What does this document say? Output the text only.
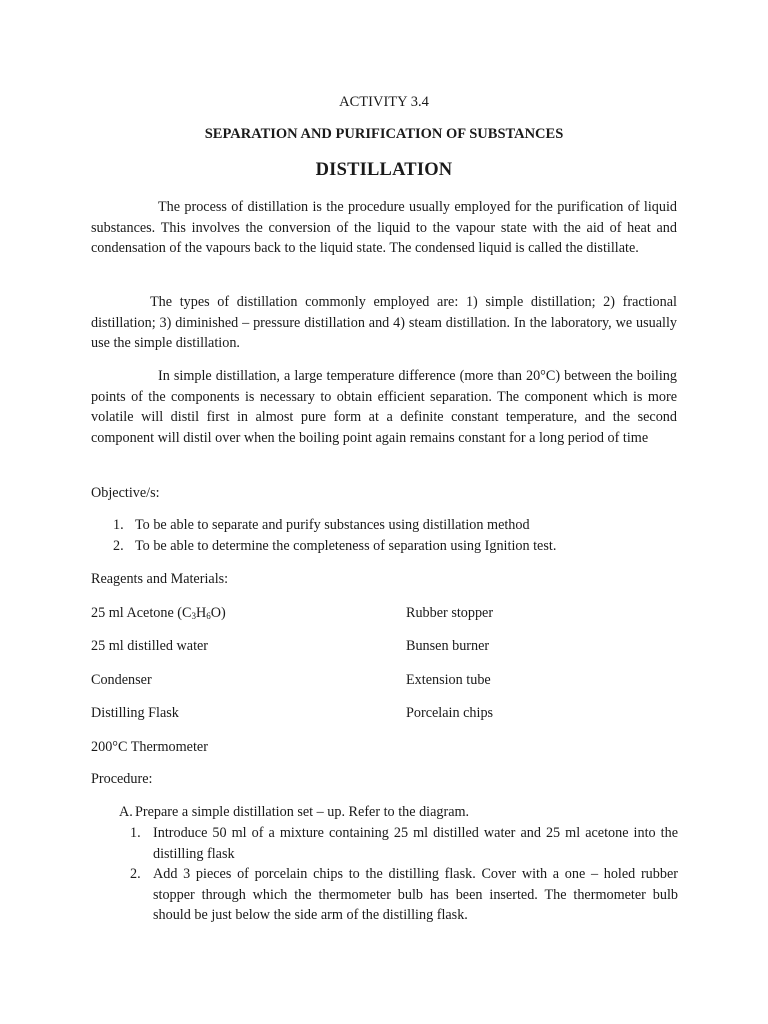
ACTIVITY 3.4
SEPARATION AND PURIFICATION OF SUBSTANCES
DISTILLATION

The process of distillation is the procedure usually employed for the purification of liquid substances. This involves the conversion of the liquid to the vapour state with the aid of heat and condensation of the vapours back to the liquid state. The condensed liquid is called the distillate.

The types of distillation commonly employed are: 1) simple distillation; 2) fractional distillation; 3) diminished – pressure distillation and 4) steam distillation. In the laboratory, we usually use the simple distillation.

In simple distillation, a large temperature difference (more than 20°C) between the boiling points of the components is necessary to obtain efficient separation. The component which is more volatile will distil first in almost pure form at a definite constant temperature, and the second component will distil over when the boiling point again remains constant for a long period of time

Objective/s:

1. To be able to separate and purify substances using distillation method
2. To be able to determine the completeness of separation using Ignition test.

Reagents and Materials:

25 ml Acetone $(C_3H_6O)$

25 ml distilled water

Condenser

Distilling Flask

200°C Thermometer

Rubber stopper

Bunsen burner

Extension tube

Porcelain chips

Procedure:

A. Prepare a simple distillation set – up. Refer to the diagram.
1. Introduce 50 ml of a mixture containing 25 ml distilled water and 25 ml acetone into the distilling flask
2. Add 3 pieces of porcelain chips to the distilling flask. Cover with a one – holed rubber stopper through which the thermometer bulb has been inserted. The thermometer bulb should be just below the side arm of the distilling flask.
